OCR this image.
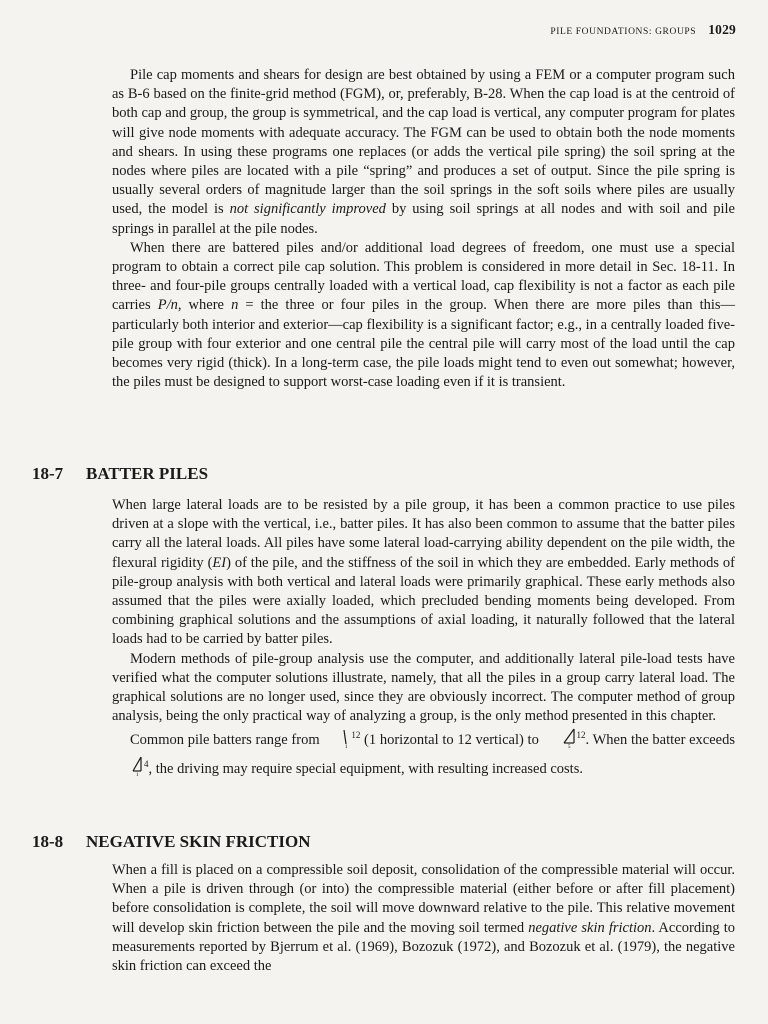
PILE FOUNDATIONS: GROUPS 1029

Pile cap moments and shears for design are best obtained by using a FEM or a computer program such as B-6 based on the finite-grid method (FGM), or, preferably, B-28. When the cap load is at the centroid of both cap and group, the group is symmetrical, and the cap load is vertical, any computer program for plates will give node moments with adequate accuracy. The FGM can be used to obtain both the node moments and shears. In using these programs one replaces (or adds the vertical pile spring) the soil spring at the nodes where piles are located with a pile “spring” and produces a set of output. Since the pile spring is usually several orders of magnitude larger than the soil springs in the soft soils where piles are usually used, the model is not significantly improved by using soil springs at all nodes and with soil and pile springs in parallel at the pile nodes.

When there are battered piles and/or additional load degrees of freedom, one must use a special program to obtain a correct pile cap solution. This problem is considered in more detail in Sec. 18-11. In three- and four-pile groups centrally loaded with a vertical load, cap flexibility is not a factor as each pile carries P/n, where n = the three or four piles in the group. When there are more piles than this—particularly both interior and exterior—cap flexibility is a significant factor; e.g., in a centrally loaded five-pile group with four exterior and one central pile the central pile will carry most of the load until the cap becomes very rigid (thick). In a long-term case, the pile loads might tend to even out somewhat; however, the piles must be designed to support worst-case loading even if it is transient.

18-7 BATTER PILES

When large lateral loads are to be resisted by a pile group, it has been a common practice to use piles driven at a slope with the vertical, i.e., batter piles. It has also been common to assume that the batter piles carry all the lateral loads. All piles have some lateral load-carrying ability dependent on the pile width, the flexural rigidity (EI) of the pile, and the stiffness of the soil in which they are embedded. Early methods of pile-group analysis with both vertical and lateral loads were primarily graphical. These early methods also assumed that the piles were axially loaded, which precluded bending moments being developed. From combining graphical solutions and the assumptions of axial loading, it naturally followed that the lateral loads had to be carried by batter piles.

Modern methods of pile-group analysis use the computer, and additionally lateral pile-load tests have verified what the computer solutions illustrate, namely, that all the piles in a group carry lateral load. The graphical solutions are no longer used, since they are obviously incorrect. The computer method of group analysis, being the only practical way of analyzing a group, is the only method presented in this chapter.

Common pile batters range from	1
$^{12}$ (1 horizontal to 12 vertical) to	5
$^{12}$. When the batter exceeds
1
$^4$, the driving may require special equipment, with resulting increased costs.

18-8 NEGATIVE SKIN FRICTION

When a fill is placed on a compressible soil deposit, consolidation of the compressible material will occur. When a pile is driven through (or into) the compressible material (either before or after fill placement) before consolidation is complete, the soil will move downward relative to the pile. This relative movement will develop skin friction between the pile and the moving soil termed negative skin friction. According to measurements reported by Bjerrum et al. (1969), Bozozuk (1972), and Bozozuk et al. (1979), the negative skin friction can exceed the
